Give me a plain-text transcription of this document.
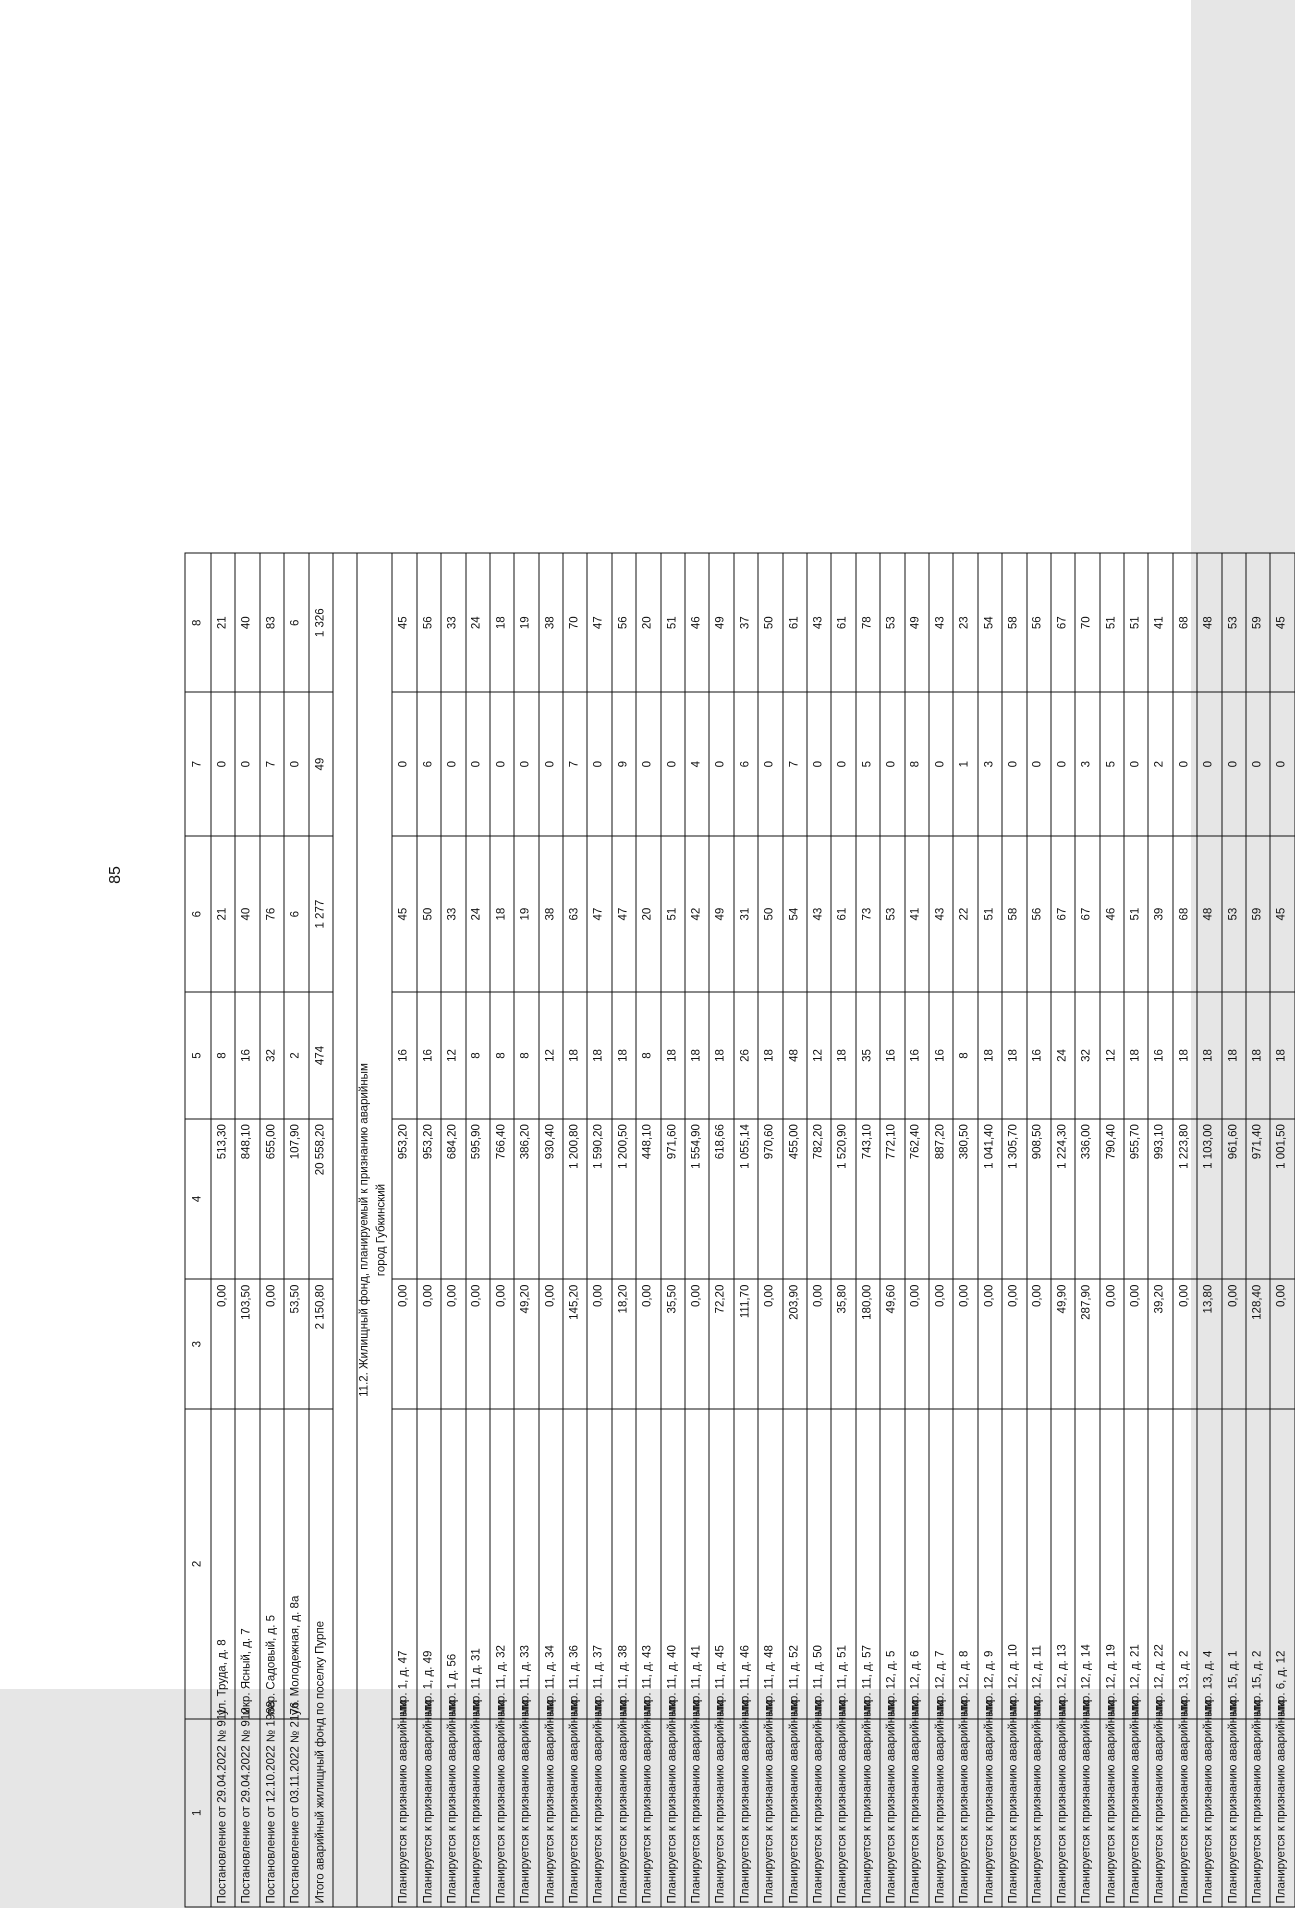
85
1	2	3	4	5	6	7	8
Постановление от 29.04.2022 № 911	ул. Труда, д. 8	0,00	513,30	8	21	0	21
Постановление от 29.04.2022 № 912	мкр. Ясный, д. 7	103,50	848,10	16	40	0	40
Постановление от 12.10.2022 № 1988	пер. Садовый, д. 5	0,00	655,00	32	76	7	83
Постановление от 03.11.2022 № 2176	ул. Молодежная, д. 8а	53,50	107,90	2	6	0	6
Итого аварийный жилищный фонд по поселку Пурпе		2 150,80	20 558,20	474	1 277	49	1 326

11.2. Жилищный фонд, планируемый к признанию аварийным							
город Губкинский							
Планируется к признанию аварийным	мкр. 1, д. 47	0,00	953,20	16	45	0	45
Планируется к признанию аварийным	мкр. 1, д. 49	0,00	953,20	16	50	6	56
Планируется к признанию аварийным	мкр. 1 д. 56	0,00	684,20	12	33	0	33
Планируется к признанию аварийным	мкр. 11 д. 31	0,00	595,90	8	24	0	24
Планируется к признанию аварийным	мкр. 11, д. 32	0,00	766,40	8	18	0	18
Планируется к признанию аварийным	мкр. 11, д. 33	49,20	386,20	8	19	0	19
Планируется к признанию аварийным	мкр. 11, д. 34	0,00	930,40	12	38	0	38
Планируется к признанию аварийным	мкр. 11, д. 36	145,20	1 200,80	18	63	7	70
Планируется к признанию аварийным	мкр. 11, д. 37	0,00	1 590,20	18	47	0	47
Планируется к признанию аварийным	мкр. 11, д. 38	18,20	1 200,50	18	47	9	56
Планируется к признанию аварийным	мкр. 11, д. 43	0,00	448,10	8	20	0	20
Планируется к признанию аварийным	мкр. 11, д. 40	35,50	971,60	18	51	0	51
Планируется к признанию аварийным	мкр. 11, д. 41	0,00	1 554,90	18	42	4	46
Планируется к признанию аварийным	мкр. 11, д. 45	72,20	618,66	18	49	0	49
Планируется к признанию аварийным	мкр. 11, д. 46	111,70	1 055,14	26	31	6	37
Планируется к признанию аварийным	мкр. 11, д. 48	0,00	970,60	18	50	0	50
Планируется к признанию аварийным	мкр. 11, д. 52	203,90	455,00	48	54	7	61
Планируется к признанию аварийным	мкр. 11, д. 50	0,00	782,20	12	43	0	43
Планируется к признанию аварийным	мкр. 11, д. 51	35,80	1 520,90	18	61	0	61
Планируется к признанию аварийным	мкр. 11, д. 57	180,00	743,10	35	73	5	78
Планируется к признанию аварийным	мкр. 12, д. 5	49,60	772,10	16	53	0	53
Планируется к признанию аварийным	мкр. 12, д. 6	0,00	762,40	16	41	8	49
Планируется к признанию аварийным	мкр. 12, д. 7	0,00	887,20	16	43	0	43
Планируется к признанию аварийным	мкр. 12, д. 8	0,00	380,50	8	22	1	23
Планируется к признанию аварийным	мкр. 12, д. 9	0,00	1 041,40	18	51	3	54
Планируется к признанию аварийным	мкр. 12, д. 10	0,00	1 305,70	18	58	0	58
Планируется к признанию аварийным	мкр. 12, д. 11	0,00	908,50	16	56	0	56
Планируется к признанию аварийным	мкр. 12, д. 13	49,90	1 224,30	24	67	0	67
Планируется к признанию аварийным	мкр. 12, д. 14	287,90	336,00	32	67	3	70
Планируется к признанию аварийным	мкр. 12, д. 19	0,00	790,40	12	46	5	51
Планируется к признанию аварийным	мкр. 12, д. 21	0,00	955,70	18	51	0	51
Планируется к признанию аварийным	мкр. 12, д. 22	39,20	993,10	16	39	2	41
Планируется к признанию аварийным	мкр. 13, д. 2	0,00	1 223,80	18	68	0	68
Планируется к признанию аварийным	мкр. 13, д. 4	13,80	1 103,00	18	48	0	48
Планируется к признанию аварийным	мкр. 15, д. 1	0,00	961,60	18	53	0	53
Планируется к признанию аварийным	мкр. 15, д. 2	128,40	971,40	18	59	0	59
Планируется к признанию аварийным	мкр. 6, д. 12	0,00	1 001,50	18	45	0	45
